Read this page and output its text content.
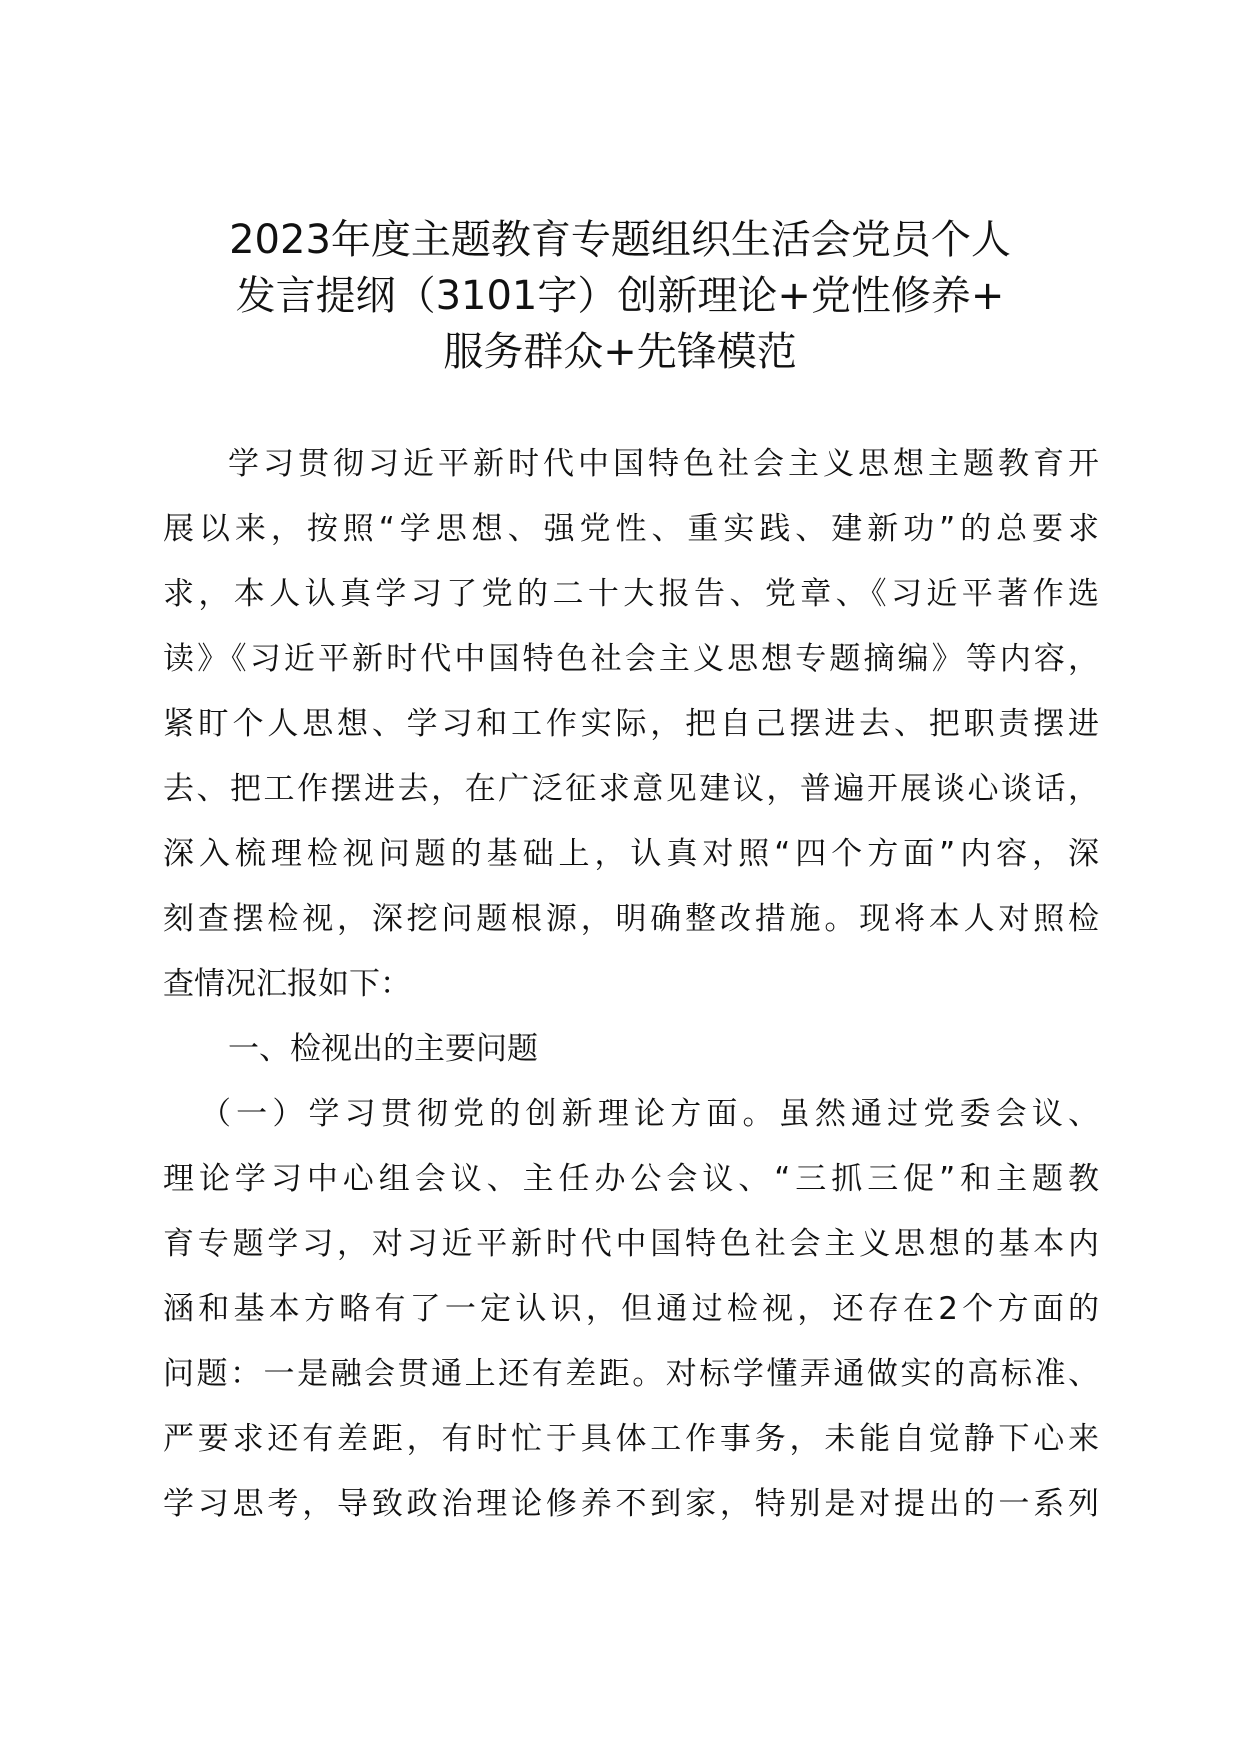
2023年度主题教育专题组织生活会党员个人
发言提纲（3101字）创新理论+党性修养+
服务群众+先锋模范

学习贯彻习近平新时代中国特色社会主义思想主题教育开
展以来，按照“学思想、强党性、重实践、建新功”的总要求
求，本人认真学习了党的二十大报告、党章、《习近平著作选
读》《习近平新时代中国特色社会主义思想专题摘编》等内容，
紧盯个人思想、学习和工作实际，把自己摆进去、把职责摆进
去、把工作摆进去，在广泛征求意见建议，普遍开展谈心谈话，
深入梳理检视问题的基础上，认真对照“四个方面”内容，深
刻查摆检视，深挖问题根源，明确整改措施。现将本人对照检
查情况汇报如下：

一、检视出的主要问题

（一）学习贯彻党的创新理论方面。虽然通过党委会议、
理论学习中心组会议、主任办公会议、“三抓三促”和主题教
育专题学习，对习近平新时代中国特色社会主义思想的基本内
涵和基本方略有了一定认识，但通过检视，还存在2个方面的
问题：一是融会贯通上还有差距。对标学懂弄通做实的高标准、
严要求还有差距，有时忙于具体工作事务，未能自觉静下心来
学习思考，导致政治理论修养不到家，特别是对提出的一系列
